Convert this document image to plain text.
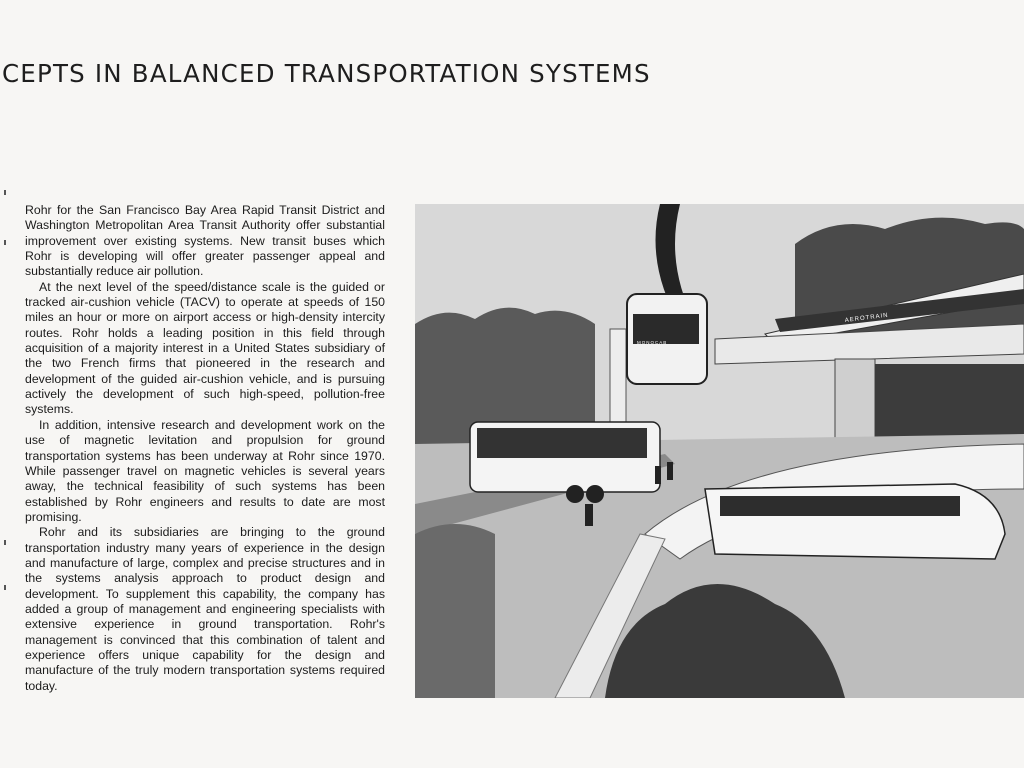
CEPTS IN BALANCED TRANSPORTATION SYSTEMS

Rohr for the San Francisco Bay Area Rapid Transit District and Washington Metropolitan Area Transit Authority offer substantial improvement over existing systems. New transit buses which Rohr is developing will offer greater passenger appeal and substantially reduce air pollution.

At the next level of the speed/distance scale is the guided or tracked air-cushion vehicle (TACV) to operate at speeds of 150 miles an hour or more on airport access or high-density intercity routes. Rohr holds a leading position in this field through acquisition of a majority interest in a United States subsidiary of the two French firms that pioneered in the research and development of the guided air-cushion vehicle, and is pursuing actively the development of such high-speed, pollution-free systems.

In addition, intensive research and development work on the use of magnetic levitation and propulsion for ground transportation systems has been underway at Rohr since 1970. While passenger travel on magnetic vehicles is several years away, the technical feasibility of such systems has been established by Rohr engineers and results to date are most promising.

Rohr and its subsidiaries are bringing to the ground transportation industry many years of experience in the design and manufacture of large, complex and precise structures and in the systems analysis approach to product design and development. To supplement this capability, the company has added a group of management and engineering specialists with extensive experience in ground transportation. Rohr's management is convinced that this combination of talent and experience offers unique capability for the design and manufacture of the truly modern transportation systems required today.

AEROTRAIN
MONOCAB
